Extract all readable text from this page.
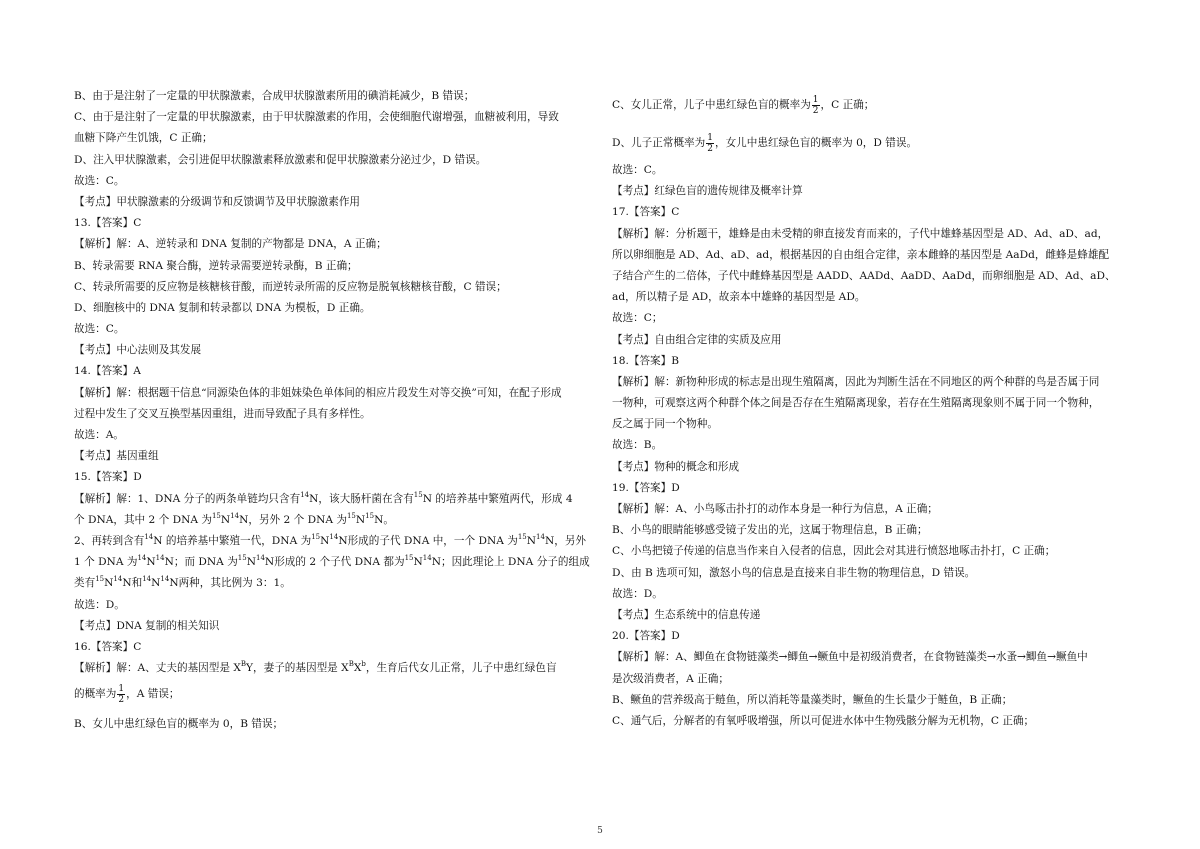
B、由于是注射了一定量的甲状腺激素，合成甲状腺激素所用的碘消耗减少，B 错误；
C、由于是注射了一定量的甲状腺激素，由于甲状腺激素的作用，会使细胞代谢增强，血糖被利用，导致
血糖下降产生饥饿，C 正确；
D、注入甲状腺激素，会引进促甲状腺激素释放激素和促甲状腺激素分泌过少，D 错误。
故选：C。
【考点】甲状腺激素的分级调节和反馈调节及甲状腺激素作用
13.【答案】C
【解析】解：A、逆转录和 DNA 复制的产物都是 DNA，A 正确；
B、转录需要 RNA 聚合酶，逆转录需要逆转录酶，B 正确；
C、转录所需要的反应物是核糖核苷酸，而逆转录所需的反应物是脱氧核糖核苷酸，C 错误；
D、细胞核中的 DNA 复制和转录都以 DNA 为模板，D 正确。
故选：C。
【考点】中心法则及其发展
14.【答案】A
【解析】解：根据题干信息“同源染色体的非姐妹染色单体间的相应片段发生对等交换”可知，在配子形成
过程中发生了交叉互换型基因重组，进而导致配子具有多样性。
故选：A。
【考点】基因重组
15.【答案】D
【解析】解：1、DNA 分子的两条单链均只含有$^{14}$N，该大肠杆菌在含有$^{15}$N 的培养基中繁殖两代，形成 4
个 DNA，其中 2 个 DNA 为$^{15}N^{14}N$，另外 2 个 DNA 为$^{15}N^{15}N$。
2、再转到含有$^{14}$N 的培养基中繁殖一代，DNA 为$^{15}N^{14}N$形成的子代 DNA 中，一个 DNA 为$^{15}N^{14}N$，另外
1 个 DNA 为$^{14}N^{14}N$；而 DNA 为$^{15}N^{14}N$形成的 2 个子代 DNA 都为$^{15}N^{14}N$；因此理论上 DNA 分子的组成
类有$^{15}N^{14}N$和$^{14}N^{14}N$两种，其比例为 3：1。
故选：D。
【考点】DNA 复制的相关知识
16.【答案】C
【解析】解：A、丈夫的基因型是 $X^BY$，妻子的基因型是 $X^BX^b$，生育后代女儿正常，儿子中患红绿色盲
的概率为 $\frac{1}{2}$ ，A 错误；
B、女儿中患红绿色盲的概率为 0，B 错误；
C、女儿正常，儿子中患红绿色盲的概率为 $\frac{1}{2}$ ，C 正确；
D、儿子正常概率为 $\frac{1}{2}$ ，女儿中患红绿色盲的概率为 0，D 错误。
故选：C。
【考点】红绿色盲的遗传规律及概率计算
17.【答案】C
【解析】解：分析题干，雄蜂是由未受精的卵直接发育而来的，子代中雄蜂基因型是 AD、Ad、aD、ad，
所以卵细胞是 AD、Ad、aD、ad，根据基因的自由组合定律，亲本雌蜂的基因型是 AaDd，雌蜂是蜂雄配
子结合产生的二倍体，子代中雌蜂基因型是 AADD、AADd、AaDD、AaDd，而卵细胞是 AD、Ad、aD、
ad，所以精子是 AD，故亲本中雄蜂的基因型是 AD。
故选：C；
【考点】自由组合定律的实质及应用
18.【答案】B
【解析】解：新物种形成的标志是出现生殖隔离，因此为判断生活在不同地区的两个种群的鸟是否属于同
一物种，可观察这两个种群个体之间是否存在生殖隔离现象，若存在生殖隔离现象则不属于同一个物种，
反之属于同一个物种。
故选：B。
【考点】物种的概念和形成
19.【答案】D
【解析】解：A、小鸟啄击扑打的动作本身是一种行为信息，A 正确；
B、小鸟的眼睛能够感受镜子发出的光，这属于物理信息，B 正确；
C、小鸟把镜子传递的信息当作来自入侵者的信息，因此会对其进行愤怒地啄击扑打，C 正确；
D、由 B 选项可知，激怒小鸟的信息是直接来自非生物的物理信息，D 错误。
故选：D。
【考点】生态系统中的信息传递
20.【答案】D
【解析】解：A、鲫鱼在食物链藻类→鲫鱼→鳜鱼中是初级消费者，在食物链藻类→水蚤→鲫鱼→鳜鱼中
是次级消费者，A 正确；
B、鳜鱼的营养级高于鲢鱼，所以消耗等量藻类时，鳜鱼的生长量少于鲢鱼，B 正确；
C、通气后，分解者的有氧呼吸增强，所以可促进水体中生物残骸分解为无机物，C 正确；
5
